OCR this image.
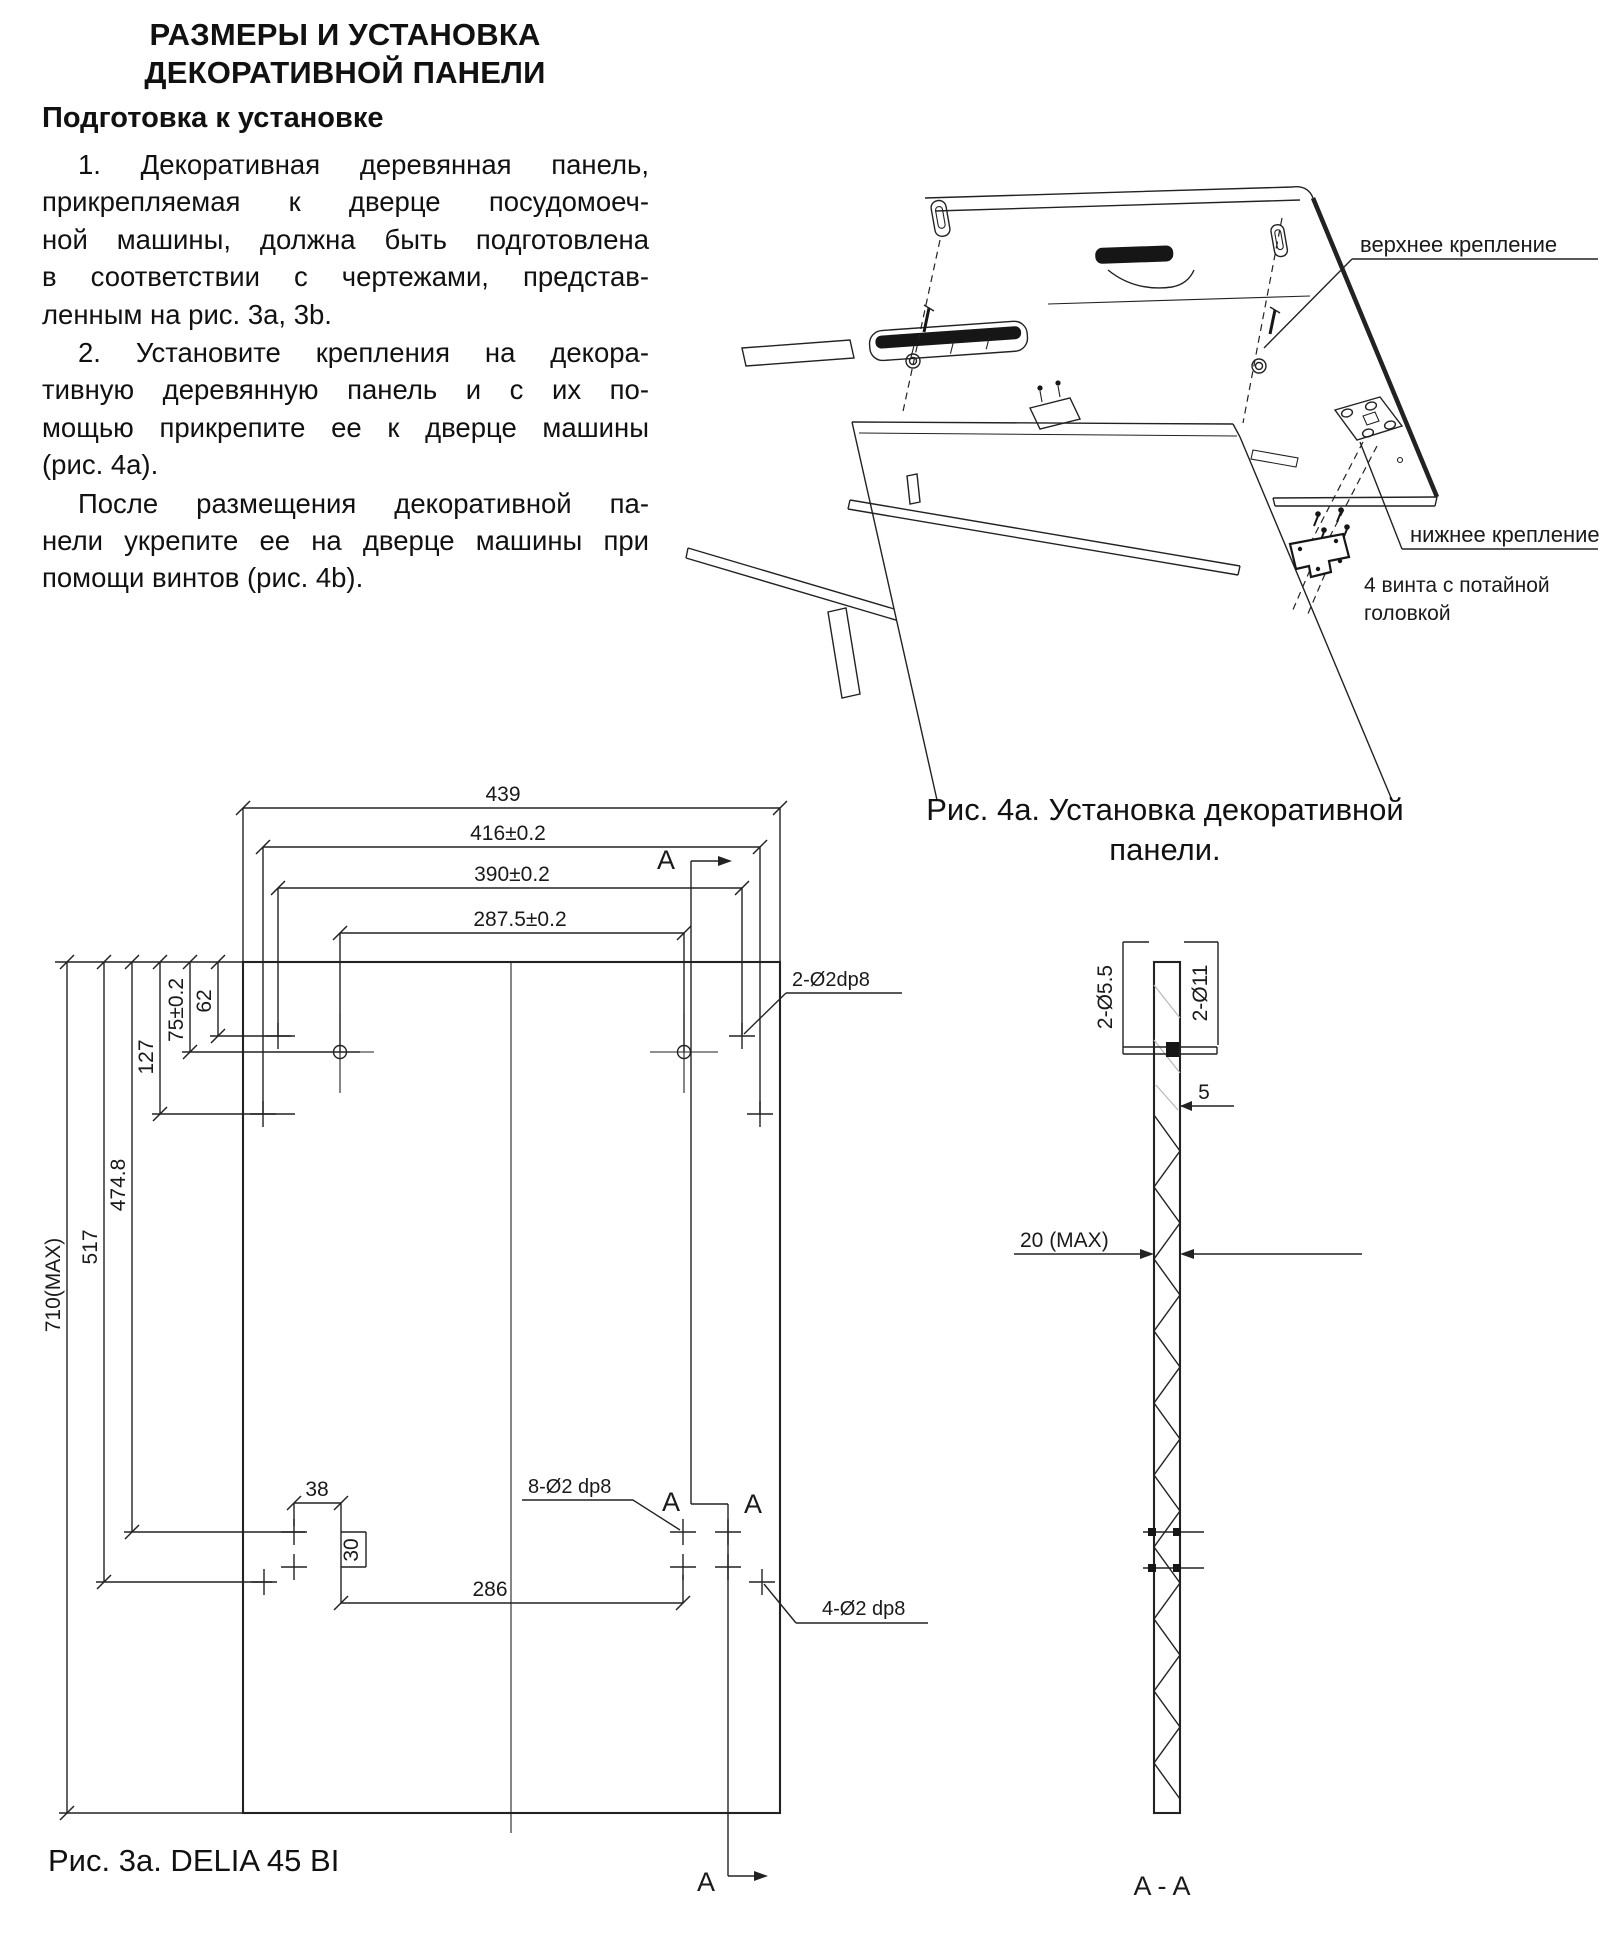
РАЗМЕРЫ И УСТАНОВКА
ДЕКОРАТИВНОЙ ПАНЕЛИ
Подготовка к установке
1. Декоративная деревянная панель,
прикрепляемая к дверце посудомоеч-
ной машины, должна быть подготовлена
в соответствии с чертежами, представ-
ленным на рис. 3а, 3b.
2. Установите крепления на декора-
тивную деревянную панель и с их по-
мощью прикрепите ее к дверце машины
(рис. 4а).
После размещения декоративной па-
нели укрепите ее на дверце машины при
помощи винтов (рис. 4b).
верхнее крепление
нижнее крепление
4 винта с потайной
головкой
Рис. 4а. Установка декоративной
панели.
439
416±0.2
390±0.2
287.5±0.2
A
A A
A
710(MAX) 517
474.8
127
75±0.2 62
38
30
286
2-Ø2dp8
8-Ø2 dp8
4-Ø2 dp8
2-Ø5.5	2-Ø11
5
20 (MAX)
A - A
Рис. 3а. DELIA 45 BI
